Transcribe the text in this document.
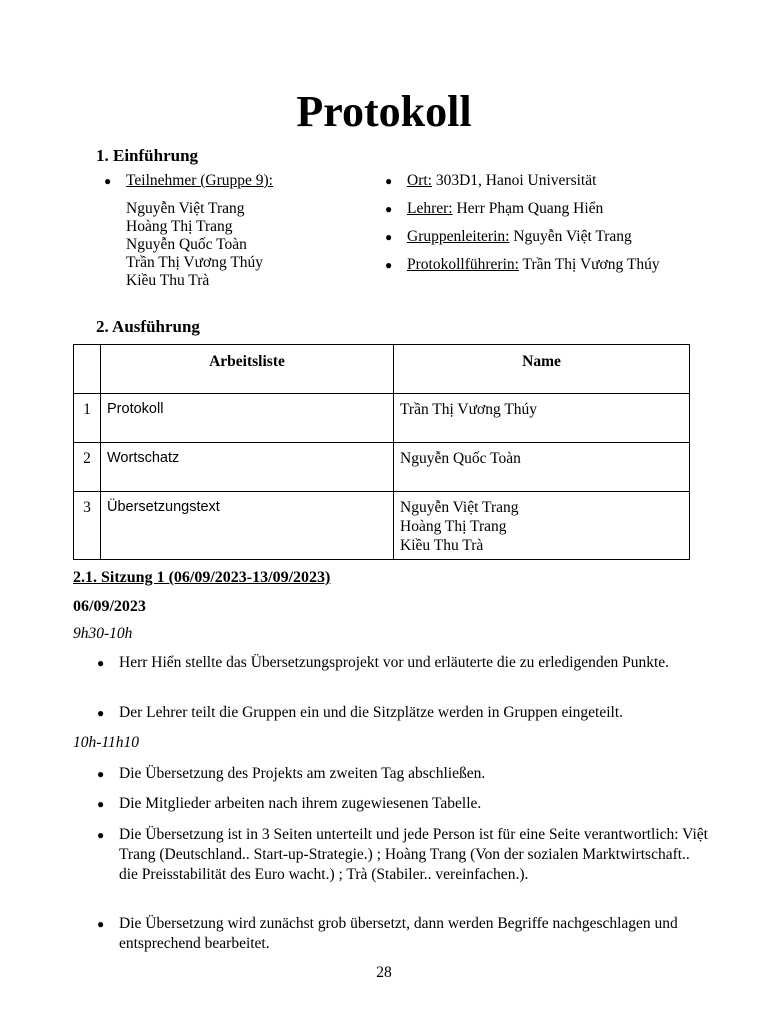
Protokoll
1. Einführung
● Teilnehmer (Gruppe 9):
Nguyễn Việt Trang
Hoàng Thị Trang
Nguyễn Quốc Toàn
Trần Thị Vương Thúy
Kiều Thu Trà
● Ort: 303D1, Hanoi Universität
● Lehrer: Herr Phạm Quang Hiển
● Gruppenleiterin: Nguyễn Việt Trang
● Protokollführerin: Trần Thị Vương Thúy
2. Ausführung
	Arbeitsliste	Name
1	Protokoll	Trần Thị Vương Thúy
2	Wortschatz	Nguyễn Quốc Toàn
3	Übersetzungstext	Nguyễn Việt Trang
Hoàng Thị Trang
Kiều Thu Trà
2.1. Sitzung 1 (06/09/2023-13/09/2023)
06/09/2023
9h30-10h
● Herr Hiển stellte das Übersetzungsprojekt vor und erläuterte die zu erledigenden Punkte.
● Der Lehrer teilt die Gruppen ein und die Sitzplätze werden in Gruppen eingeteilt.
10h-11h10
● Die Übersetzung des Projekts am zweiten Tag abschließen.
● Die Mitglieder arbeiten nach ihrem zugewiesenen Tabelle.
● Die Übersetzung ist in 3 Seiten unterteilt und jede Person ist für eine Seite verantwortlich: Việt Trang (Deutschland.. Start-up-Strategie.) ; Hoàng Trang (Von der sozialen Marktwirtschaft.. die Preisstabilität des Euro wacht.) ; Trà (Stabiler.. vereinfachen.).
● Die Übersetzung wird zunächst grob übersetzt, dann werden Begriffe nachgeschlagen und entsprechend bearbeitet.
28
